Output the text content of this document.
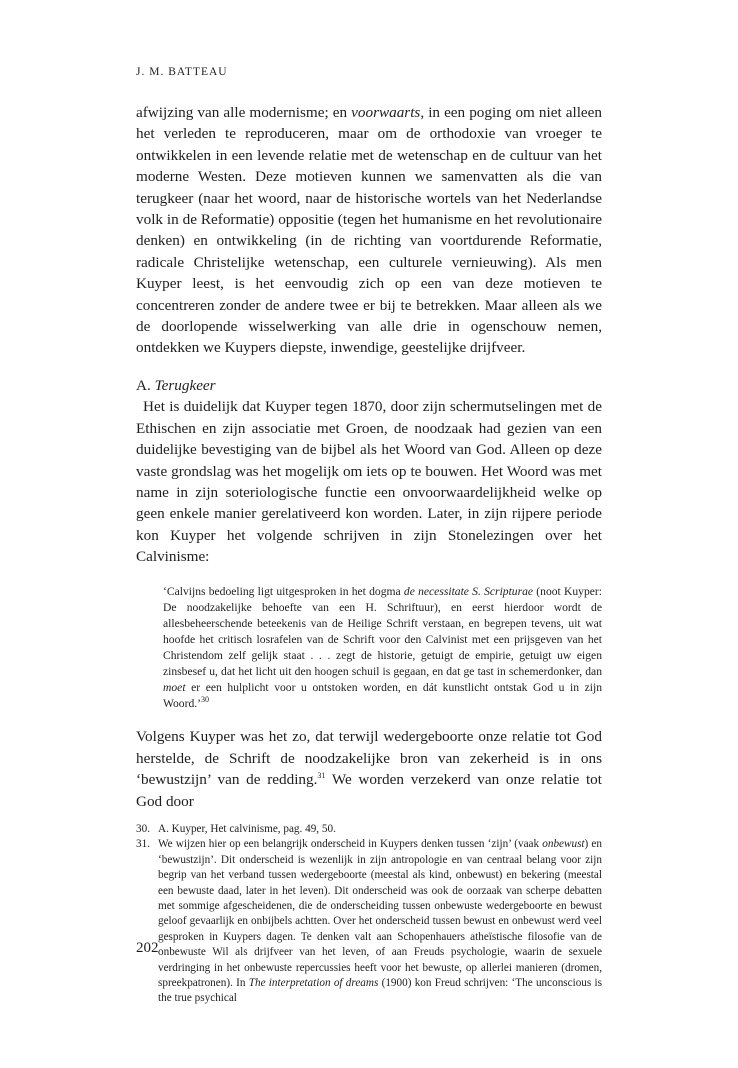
J. M. BATTEAU

afwijzing van alle modernisme; en voorwaarts, in een poging om niet alleen het verleden te reproduceren, maar om de orthodoxie van vroeger te ontwikkelen in een levende relatie met de wetenschap en de cultuur van het moderne Westen. Deze motieven kunnen we samenvatten als die van terugkeer (naar het woord, naar de historische wortels van het Nederlandse volk in de Reformatie) oppositie (tegen het humanisme en het revolutionaire denken) en ontwikkeling (in de richting van voortdurende Reformatie, radicale Christelijke wetenschap, een culturele vernieuwing). Als men Kuyper leest, is het eenvoudig zich op een van deze motieven te concentreren zonder de andere twee er bij te betrekken. Maar alleen als we de doorlopende wisselwerking van alle drie in ogenschouw nemen, ontdekken we Kuypers diepste, inwendige, geestelijke drijfveer.

A. Terugkeer

Het is duidelijk dat Kuyper tegen 1870, door zijn schermutselingen met de Ethischen en zijn associatie met Groen, de noodzaak had gezien van een duidelijke bevestiging van de bijbel als het Woord van God. Alleen op deze vaste grondslag was het mogelijk om iets op te bouwen. Het Woord was met name in zijn soteriologische functie een onvoorwaardelijkheid welke op geen enkele manier gerelativeerd kon worden. Later, in zijn rijpere periode kon Kuyper het volgende schrijven in zijn Stonelezingen over het Calvinisme:

‘Calvijns bedoeling ligt uitgesproken in het dogma de necessitate S. Scripturae (noot Kuyper: De noodzakelijke behoefte van een H. Schriftuur), en eerst hierdoor wordt de allesbeheerschende beteekenis van de Heilige Schrift verstaan, en begrepen tevens, uit wat hoofde het critisch losrafelen van de Schrift voor den Calvinist met een prijsgeven van het Christendom zelf gelijk staat . . . zegt de historie, getuigt de empirie, getuigt uw eigen zinsbesef u, dat het licht uit den hoogen schuil is gegaan, en dat ge tast in schemerdonker, dan moet er een hulplicht voor u ontstoken worden, en dát kunstlicht ontstak God u in zijn Woord.’$^{30}$

Volgens Kuyper was het zo, dat terwijl wedergeboorte onze relatie tot God herstelde, de Schrift de noodzakelijke bron van zekerheid is in ons ‘bewustzijn’ van de redding.$^{31}$ We worden verzekerd van onze relatie tot God door

30. A. Kuyper, Het calvinisme, pag. 49, 50.
31. We wijzen hier op een belangrijk onderscheid in Kuypers denken tussen ‘zijn’ (vaak onbewust) en ‘bewustzijn’. Dit onderscheid is wezenlijk in zijn antropologie en van centraal belang voor zijn begrip van het verband tussen wedergeboorte (meestal als kind, onbewust) en bekering (meestal een bewuste daad, later in het leven). Dit onderscheid was ook de oorzaak van scherpe debatten met sommige afgescheidenen, die de onderscheiding tussen onbewuste wedergeboorte en bewust geloof gevaarlijk en onbijbels achtten. Over het onderscheid tussen bewust en onbewust werd veel gesproken in Kuypers dagen. Te denken valt aan Schopenhauers atheïstische filosofie van de onbewuste Wil als drijfveer van het leven, of aan Freuds psychologie, waarin de sexuele verdringing in het onbewuste repercussies heeft voor het bewuste, op allerlei manieren (dromen, spreekpatronen). In The interpretation of dreams (1900) kon Freud schrijven: ‘The unconscious is the true psychical
202
